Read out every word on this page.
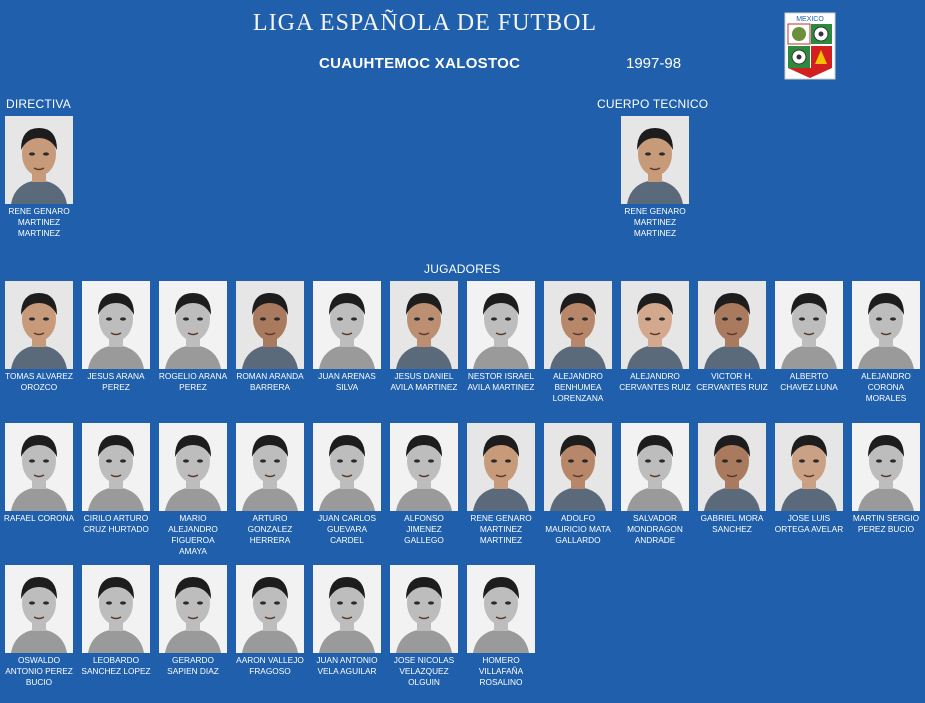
LIGA ESPAÑOLA DE FUTBOL
CUAUHTEMOC XALOSTOC	1997-98
MEXICO
DIRECTIVA	CUERPO TECNICO
JUGADORES
RENE GENARO MARTINEZ MARTINEZ
RENE GENARO MARTINEZ MARTINEZ
TOMAS ALVAREZ OROZCO
JESUS ARANA PEREZ
ROGELIO ARANA PEREZ
ROMAN ARANDA BARRERA
JUAN ARENAS SILVA
JESUS DANIEL AVILA MARTINEZ
NESTOR ISRAEL AVILA MARTINEZ
ALEJANDRO BENHUMEA LORENZANA
ALEJANDRO CERVANTES RUIZ
VICTOR H. CERVANTES RUIZ
ALBERTO CHAVEZ LUNA
ALEJANDRO CORONA MORALES
RAFAEL CORONA	CIRILO ARTURO CRUZ HURTADO
MARIO ALEJANDRO FIGUEROA AMAYA
ARTURO GONZALEZ HERRERA
JUAN CARLOS GUEVARA CARDEL
ALFONSO JIMENEZ GALLEGO
RENE GENARO MARTINEZ MARTINEZ
ADOLFO MAURICIO MATA GALLARDO
SALVADOR MONDRAGON ANDRADE
GABRIEL MORA SANCHEZ
JOSE LUIS ORTEGA AVELAR
MARTIN SERGIO PEREZ BUCIO
OSWALDO ANTONIO PEREZ BUCIO
LEOBARDO SANCHEZ LOPEZ
GERARDO SAPIEN DIAZ
AARON VALLEJO FRAGOSO
JUAN ANTONIO VELA AGUILAR
JOSE NICOLAS VELAZQUEZ OLGUIN
HOMERO VILLAFAÑA ROSALINO
